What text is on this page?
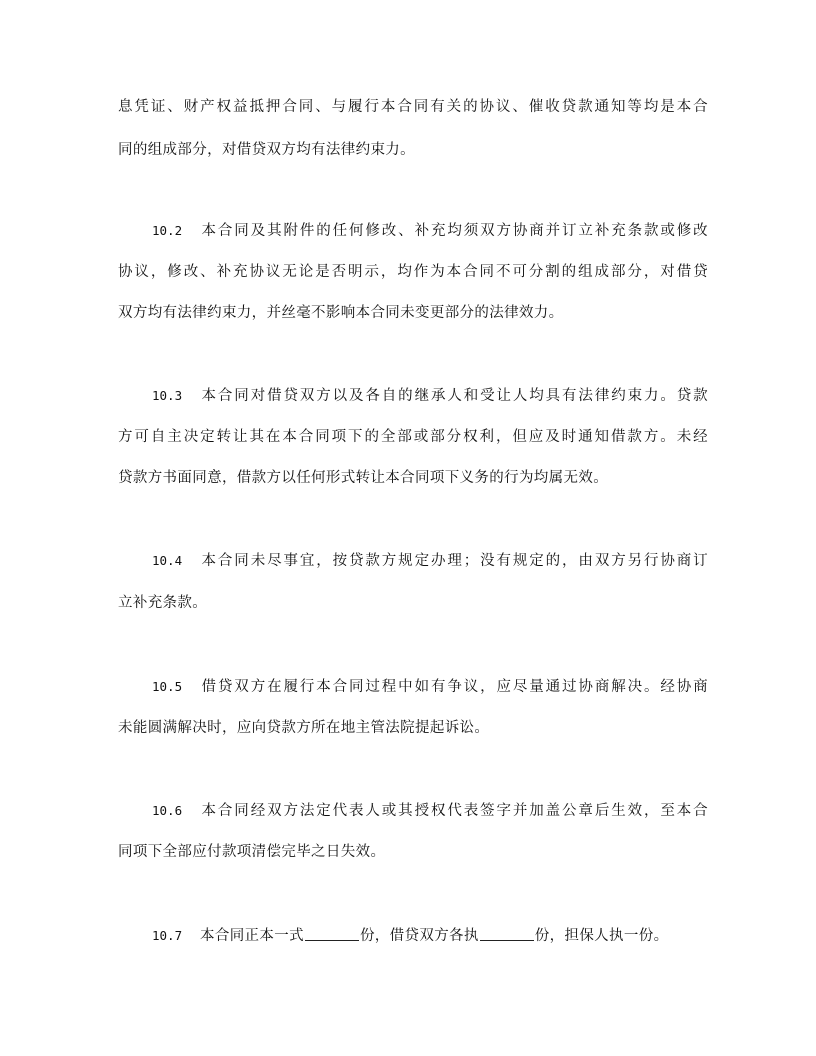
息凭证、财产权益抵押合同、与履行本合同有关的协议、催收贷款通知等均是本合
同的组成部分，对借贷双方均有法律约束力。
10.2 本合同及其附件的任何修改、补充均须双方协商并订立补充条款或修改
协议，修改、补充协议无论是否明示，均作为本合同不可分割的组成部分，对借贷
双方均有法律约束力，并丝毫不影响本合同未变更部分的法律效力。
10.3 本合同对借贷双方以及各自的继承人和受让人均具有法律约束力。贷款
方可自主决定转让其在本合同项下的全部或部分权利，但应及时通知借款方。未经
贷款方书面同意，借款方以任何形式转让本合同项下义务的行为均属无效。
10.4 本合同未尽事宜，按贷款方规定办理；没有规定的，由双方另行协商订
立补充条款。
10.5 借贷双方在履行本合同过程中如有争议，应尽量通过协商解决。经协商
未能圆满解决时，应向贷款方所在地主管法院提起诉讼。
10.6 本合同经双方法定代表人或其授权代表签字并加盖公章后生效，至本合
同项下全部应付款项清偿完毕之日失效。
10.7 本合同正本一式	份，借贷双方各执	份，担保人执一份。
